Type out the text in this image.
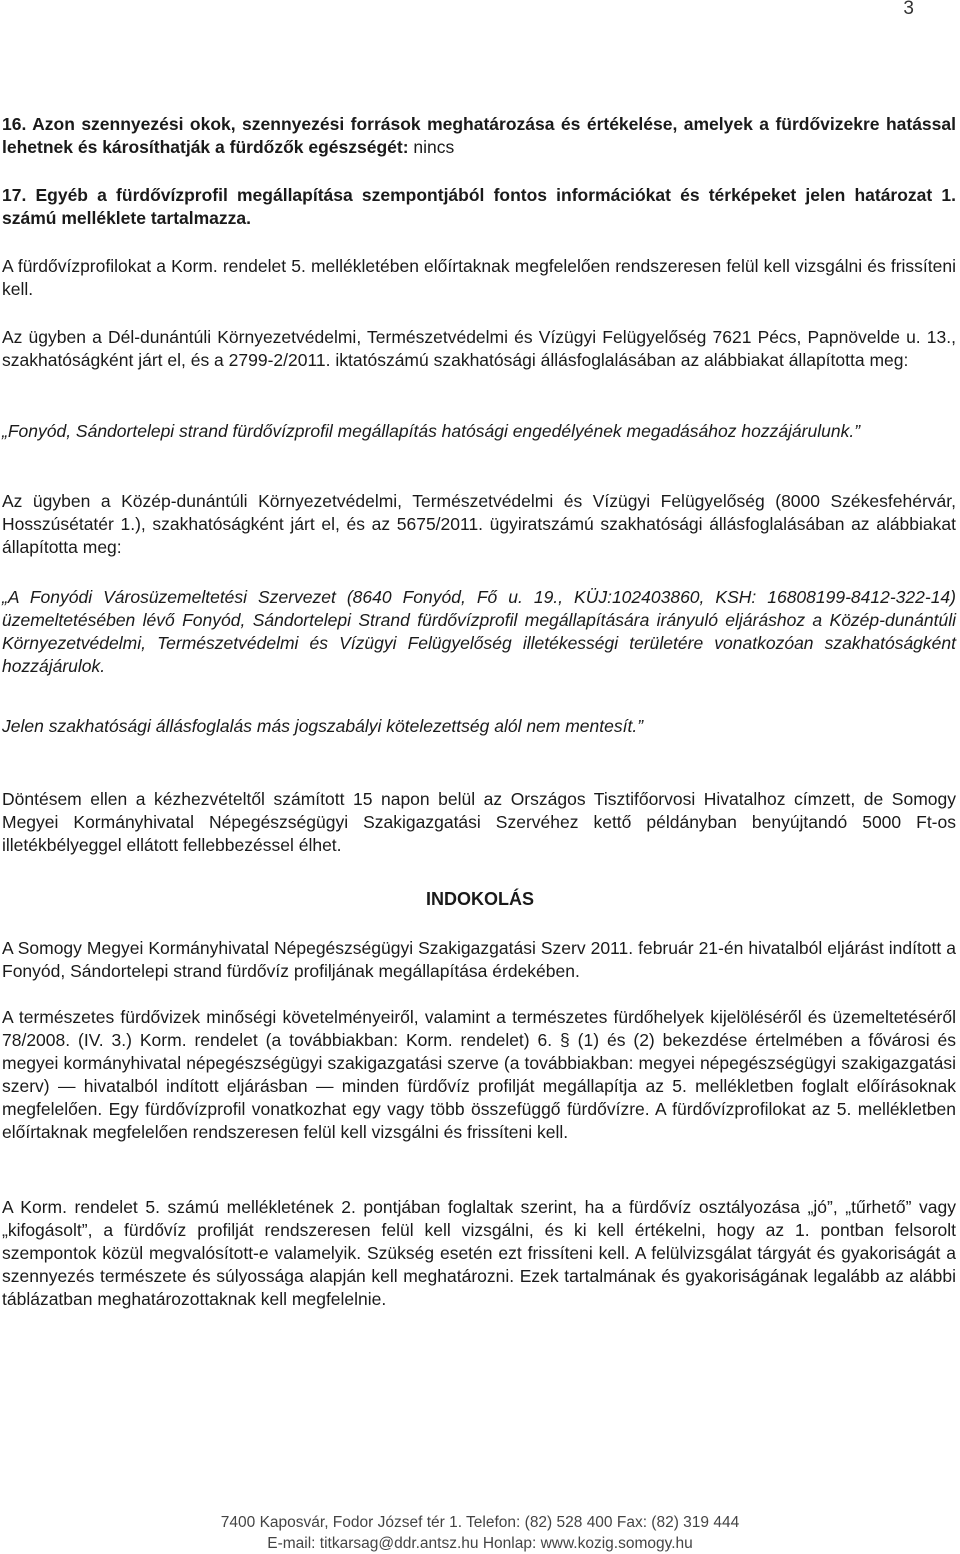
3

16. Azon szennyezési okok, szennyezési források meghatározása és értékelése, amelyek a fürdővizekre hatással lehetnek és károsíthatják a fürdőzők egészségét: nincs

17. Egyéb a fürdővízprofil megállapítása szempontjából fontos információkat és térképeket jelen határozat 1. számú melléklete tartalmazza.

A fürdővízprofilokat a Korm. rendelet 5. mellékletében előírtaknak megfelelően rendszeresen felül kell vizsgálni és frissíteni kell.

Az ügyben a Dél-dunántúli Környezetvédelmi, Természetvédelmi és Vízügyi Felügyelőség 7621 Pécs, Papnövelde u. 13., szakhatóságként járt el, és a 2799-2/2011. iktatószámú szakhatósági állásfoglalásában az alábbiakat állapította meg:

„Fonyód, Sándortelepi strand fürdővízprofil megállapítás hatósági engedélyének megadásához hozzájárulunk.”

Az ügyben a Közép-dunántúli Környezetvédelmi, Természetvédelmi és Vízügyi Felügyelőség (8000 Székesfehérvár, Hosszúsétatér 1.), szakhatóságként járt el, és az 5675/2011. ügyiratszámú szakhatósági állásfoglalásában az alábbiakat állapította meg:

„A Fonyódi Városüzemeltetési Szervezet (8640 Fonyód, Fő u. 19., KÜJ:102403860, KSH: 16808199-8412-322-14) üzemeltetésében lévő Fonyód, Sándortelepi Strand fürdővízprofil megállapítására irányuló eljáráshoz a Közép-dunántúli Környezetvédelmi, Természetvédelmi és Vízügyi Felügyelőség illetékességi területére vonatkozóan szakhatóságként hozzájárulok.

Jelen szakhatósági állásfoglalás más jogszabályi kötelezettség alól nem mentesít.”

Döntésem ellen a kézhezvételtől számított 15 napon belül az Országos Tisztifőorvosi Hivatalhoz címzett, de Somogy Megyei Kormányhivatal Népegészségügyi Szakigazgatási Szervéhez kettő példányban benyújtandó 5000 Ft-os illetékbélyeggel ellátott fellebbezéssel élhet.

INDOKOLÁS

A Somogy Megyei Kormányhivatal Népegészségügyi Szakigazgatási Szerv 2011. február 21-én hivatalból eljárást indított a Fonyód, Sándortelepi strand fürdővíz profiljának megállapítása érdekében.

A természetes fürdővizek minőségi követelményeiről, valamint a természetes fürdőhelyek kijelöléséről és üzemeltetéséről 78/2008. (IV. 3.) Korm. rendelet (a továbbiakban: Korm. rendelet) 6. § (1) és (2) bekezdése értelmében a fővárosi és megyei kormányhivatal népegészségügyi szakigazgatási szerve (a továbbiakban: megyei népegészségügyi szakigazgatási szerv) ― hivatalból indított eljárásban ― minden fürdővíz profilját megállapítja az 5. mellékletben foglalt előírásoknak megfelelően. Egy fürdővízprofil vonatkozhat egy vagy több összefüggő fürdővízre. A fürdővízprofilokat az 5. mellékletben előírtaknak megfelelően rendszeresen felül kell vizsgálni és frissíteni kell.

A Korm. rendelet 5. számú mellékletének 2. pontjában foglaltak szerint, ha a fürdővíz osztályozása „jó”, „tűrhető” vagy „kifogásolt”, a fürdővíz profilját rendszeresen felül kell vizsgálni, és ki kell értékelni, hogy az 1. pontban felsorolt szempontok közül megvalósított-e valamelyik. Szükség esetén ezt frissíteni kell. A felülvizsgálat tárgyát és gyakoriságát a szennyezés természete és súlyossága alapján kell meghatározni. Ezek tartalmának és gyakoriságának legalább az alábbi táblázatban meghatározottaknak kell megfelelnie.

7400 Kaposvár, Fodor József tér 1. Telefon: (82) 528 400 Fax: (82) 319 444

E-mail: titkarsag@ddr.antsz.hu Honlap: www.kozig.somogy.hu
